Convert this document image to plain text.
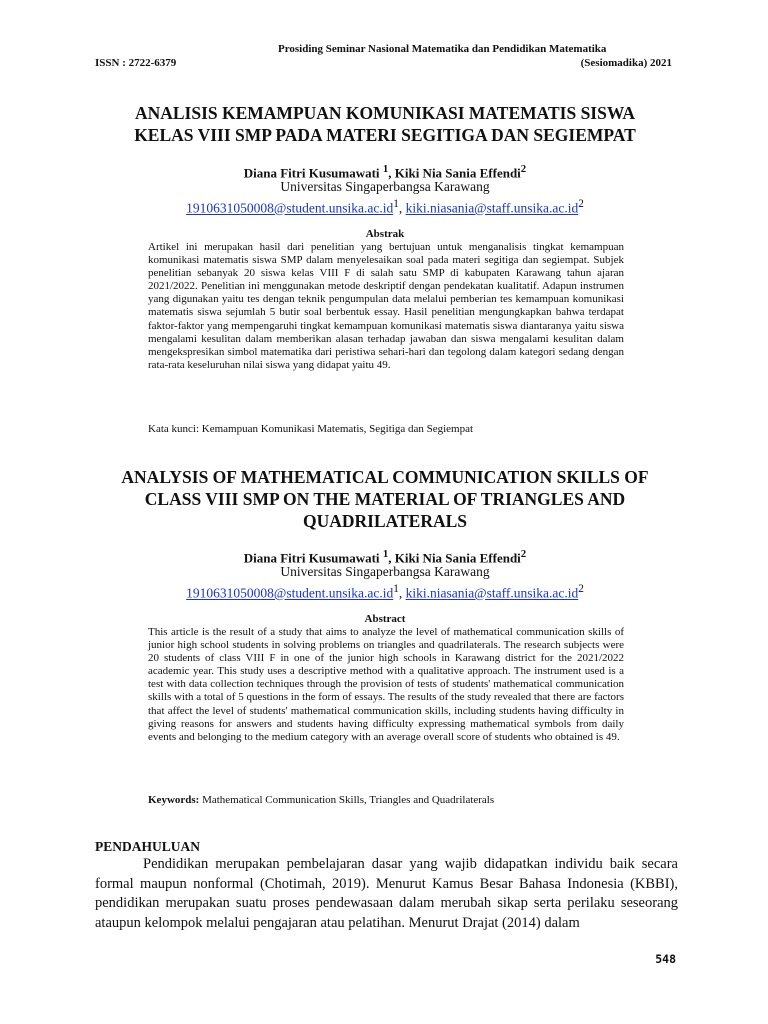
Prosiding Seminar Nasional Matematika dan Pendidikan Matematika
ISSN : 2722-6379	(Sesiomadika) 2021
ANALISIS KEMAMPUAN KOMUNIKASI MATEMATIS SISWA
KELAS VIII SMP PADA MATERI SEGITIGA DAN SEGIEMPAT
Diana Fitri Kusumawati $^1$, Kiki Nia Sania Effendi$^2$
Universitas Singaperbangsa Karawang
$1910631050008@student.unsika.ac.id^1$, $kiki.niasania@staff.unsika.ac.id^2$
Abstrak
Artikel ini merupakan hasil dari penelitian yang bertujuan untuk menganalisis tingkat kemampuan komunikasi matematis siswa SMP dalam menyelesaikan soal pada materi segitiga dan segiempat. Subjek penelitian sebanyak 20 siswa kelas VIII F di salah satu SMP di kabupaten Karawang tahun ajaran 2021/2022. Penelitian ini menggunakan metode deskriptif dengan pendekatan kualitatif. Adapun instrumen yang digunakan yaitu tes dengan teknik pengumpulan data melalui pemberian tes kemampuan komunikasi matematis siswa sejumlah 5 butir soal berbentuk essay. Hasil penelitian mengungkapkan bahwa terdapat faktor-faktor yang mempengaruhi tingkat kemampuan komunikasi matematis siswa diantaranya yaitu siswa mengalami kesulitan dalam memberikan alasan terhadap jawaban dan siswa mengalami kesulitan dalam mengekspresikan simbol matematika dari peristiwa sehari-hari dan tegolong dalam kategori sedang dengan rata-rata keseluruhan nilai siswa yang didapat yaitu 49.
Kata kunci: Kemampuan Komunikasi Matematis, Segitiga dan Segiempat
ANALYSIS OF MATHEMATICAL COMMUNICATION SKILLS OF
CLASS VIII SMP ON THE MATERIAL OF TRIANGLES AND
QUADRILATERALS
Diana Fitri Kusumawati $^1$, Kiki Nia Sania Effendi$^2$
Universitas Singaperbangsa Karawang
$1910631050008@student.unsika.ac.id^1$, $kiki.niasania@staff.unsika.ac.id^2$
Abstract
This article is the result of a study that aims to analyze the level of mathematical communication skills of junior high school students in solving problems on triangles and quadrilaterals. The research subjects were 20 students of class VIII F in one of the junior high schools in Karawang district for the 2021/2022 academic year. This study uses a descriptive method with a qualitative approach. The instrument used is a test with data collection techniques through the provision of tests of students' mathematical communication skills with a total of 5 questions in the form of essays. The results of the study revealed that there are factors that affect the level of students' mathematical communication skills, including students having difficulty in giving reasons for answers and students having difficulty expressing mathematical symbols from daily events and belonging to the medium category with an average overall score of students who obtained is 49.
Keywords: Mathematical Communication Skills, Triangles and Quadrilaterals
PENDAHULUAN
Pendidikan merupakan pembelajaran dasar yang wajib didapatkan individu baik secara formal maupun nonformal (Chotimah, 2019). Menurut Kamus Besar Bahasa Indonesia (KBBI), pendidikan merupakan suatu proses pendewasaan dalam merubah sikap serta perilaku seseorang ataupun kelompok melalui pengajaran atau pelatihan. Menurut Drajat (2014) dalam
548
